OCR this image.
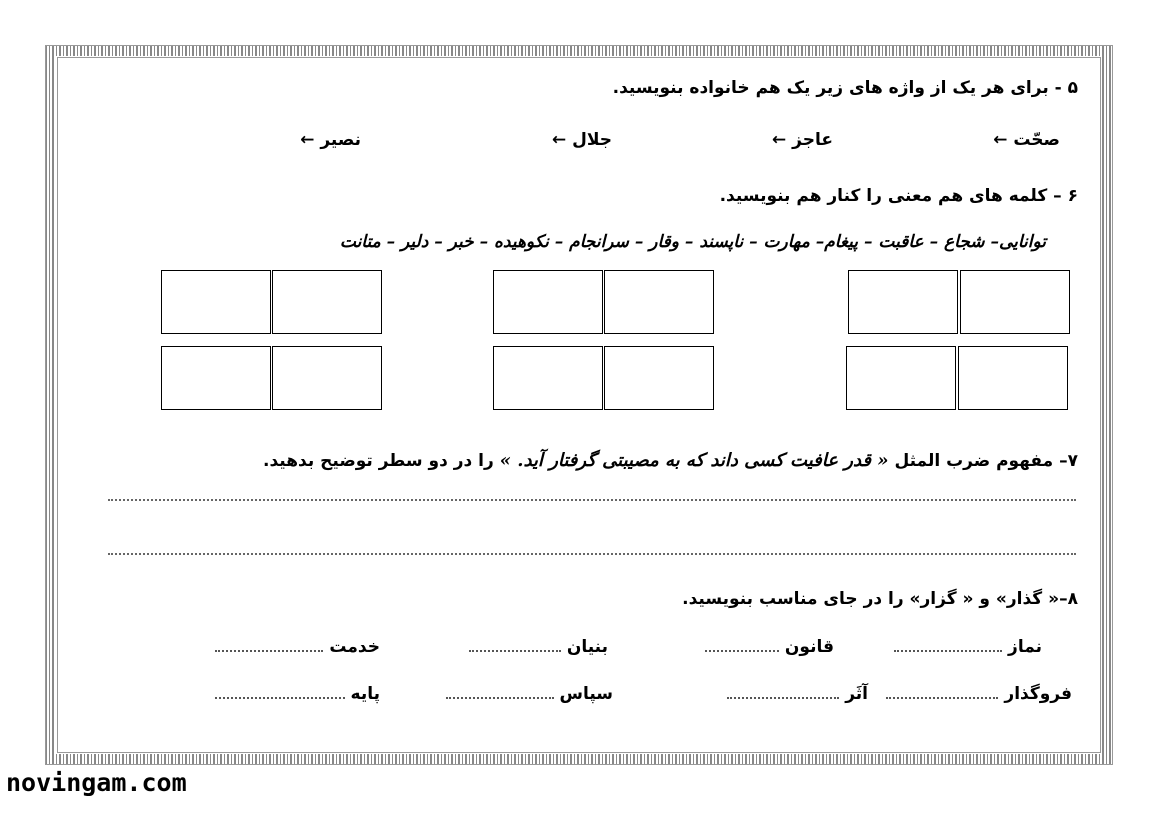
۵ - برای هر یک از واژه های زیر یک هم خانواده بنویسید.
صحّت←
عاجز←
جلال←
نصیر←
۶ – کلمه های هم معنی را کنار هم بنویسید.
توانایی– شجاع – عاقبت – پیغام– مهارت – ناپسند – وقار – سرانجام – نکوهیده – خبر – دلیر – متانت
۷– مفهوم ضرب المثل « قدر عافیت کسی داند که به مصیبتی گرفتار آید. » را در دو سطر توضیح بدهید.
۸–« گذار» و « گزار» را در جای مناسب بنویسید.
نماز
قانون
بنیان
خدمت
فروگذار
آثَر
سپاس
پایه
novingam.com
